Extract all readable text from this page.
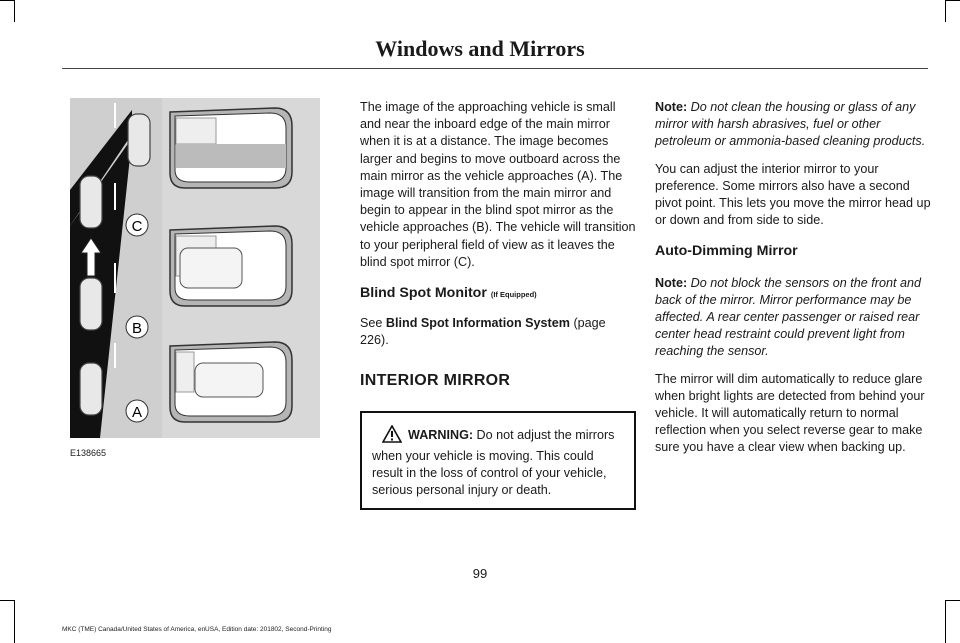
Windows and Mirrors
C
B
A
E138665

The image of the approaching vehicle is small and near the inboard edge of the main mirror when it is at a distance. The image becomes larger and begins to move outboard across the main mirror as the vehicle approaches (A). The image will transition from the main mirror and begin to appear in the blind spot mirror as the vehicle approaches (B). The vehicle will transition to your peripheral field of view as it leaves the blind spot mirror (C).

Blind Spot Monitor (If Equipped)

See Blind Spot Information System (page 226).

INTERIOR MIRROR
WARNING: Do not adjust the mirrors when your vehicle is moving. This could result in the loss of control of your vehicle, serious personal injury or death.

Note: Do not clean the housing or glass of any mirror with harsh abrasives, fuel or other petroleum or ammonia-based cleaning products.

You can adjust the interior mirror to your preference. Some mirrors also have a second pivot point. This lets you move the mirror head up or down and from side to side.

Auto-Dimming Mirror

Note: Do not block the sensors on the front and back of the mirror. Mirror performance may be affected. A rear center passenger or raised rear center head restraint could prevent light from reaching the sensor.

The mirror will dim automatically to reduce glare when bright lights are detected from behind your vehicle. It will automatically return to normal reflection when you select reverse gear to make sure you have a clear view when backing up.

99
MKC (TME) Canada/United States of America, enUSA, Edition date: 201802, Second-Printing
